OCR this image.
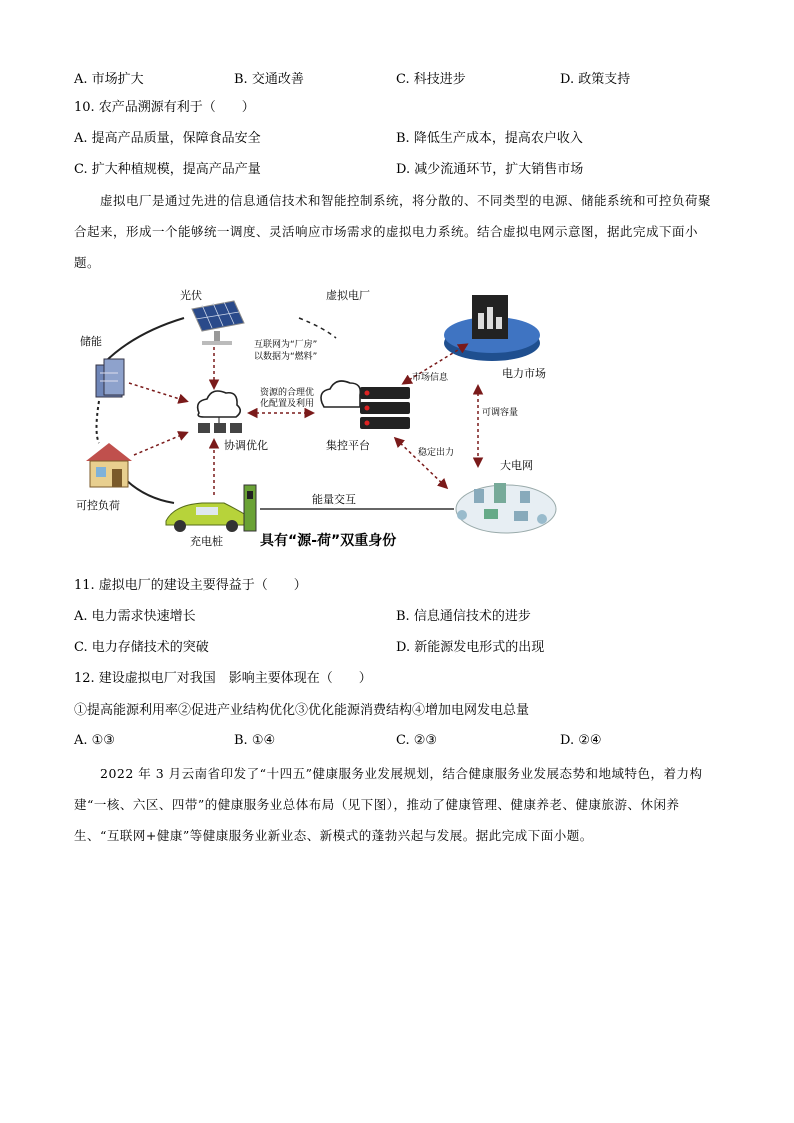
A. 市场扩大	B. 交通改善	C. 科技进步	D. 政策支持
10. 农产品溯源有利于（　　）
A. 提高产品质量，保障食品安全	B. 降低生产成本，提高农户收入
C. 扩大种植规模，提高产品产量	D. 减少流通环节，扩大销售市场
虚拟电厂是通过先进的信息通信技术和智能控制系统，将分散的、不同类型的电源、储能系统和可控负荷聚合起来，形成一个能够统一调度、灵活响应市场需求的虚拟电力系统。结合虚拟电网示意图，据此完成下面小题。
虚拟电厂
光伏
储能
可控负荷
充电桩
协调优化
互联网为“厂房”
以数据为“燃料”
资源的合理优
化配置及利用
集控平台
电力市场
市场信息
可调容量
稳定出力
大电网
能量交互
具有“源-荷”双重身份
11. 虚拟电厂的建设主要得益于（　　）
A. 电力需求快速增长	B. 信息通信技术的进步
C. 电力存储技术的突破	D. 新能源发电形式的出现
12. 建设虚拟电厂对我国　影响主要体现在（　　）
①提高能源利用率②促进产业结构优化③优化能源消费结构④增加电网发电总量
A. ①③	B. ①④	C. ②③	D. ②④
2022 年 3 月云南省印发了“十四五”健康服务业发展规划，结合健康服务业发展态势和地域特色，着力构建“一核、六区、四带”的健康服务业总体布局（见下图），推动了健康管理、健康养老、健康旅游、休闲养生、“互联网+健康”等健康服务业新业态、新模式的蓬勃兴起与发展。据此完成下面小题。
